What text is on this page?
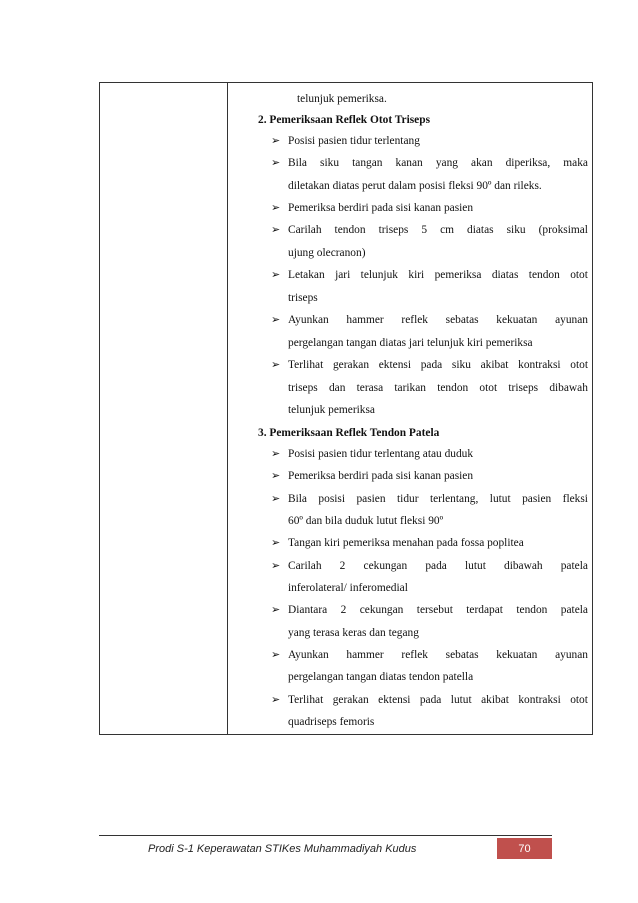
telunjuk pemeriksa.
2. Pemeriksaan Reflek Otot Triseps
➢ Posisi pasien tidur terlentang
➢ Bila siku tangan kanan yang akan diperiksa, maka
diletakan diatas perut dalam posisi fleksi 90º dan rileks.
➢ Pemeriksa berdiri pada sisi kanan pasien
➢ Carilah tendon triseps 5 cm diatas siku (proksimal
ujung olecranon)
➢ Letakan jari telunjuk kiri pemeriksa diatas tendon otot
triseps
➢ Ayunkan hammer reflek sebatas kekuatan ayunan
pergelangan tangan diatas jari telunjuk kiri pemeriksa
➢ Terlihat gerakan ektensi pada siku akibat kontraksi otot
triseps dan terasa tarikan tendon otot triseps dibawah
telunjuk pemeriksa
3. Pemeriksaan Reflek Tendon Patela
➢ Posisi pasien tidur terlentang atau duduk
➢ Pemeriksa berdiri pada sisi kanan pasien
➢ Bila posisi pasien tidur terlentang, lutut pasien fleksi
60º dan bila duduk lutut fleksi 90º
➢ Tangan kiri pemeriksa menahan pada fossa poplitea
➢ Carilah 2 cekungan pada lutut dibawah patela
inferolateral/ inferomedial
➢ Diantara 2 cekungan tersebut terdapat tendon patela
yang terasa keras dan tegang
➢ Ayunkan hammer reflek sebatas kekuatan ayunan
pergelangan tangan diatas tendon patella
➢ Terlihat gerakan ektensi pada lutut akibat kontraksi otot
quadriseps femoris
Prodi S-1 Keperawatan STIKes Muhammadiyah Kudus	70
